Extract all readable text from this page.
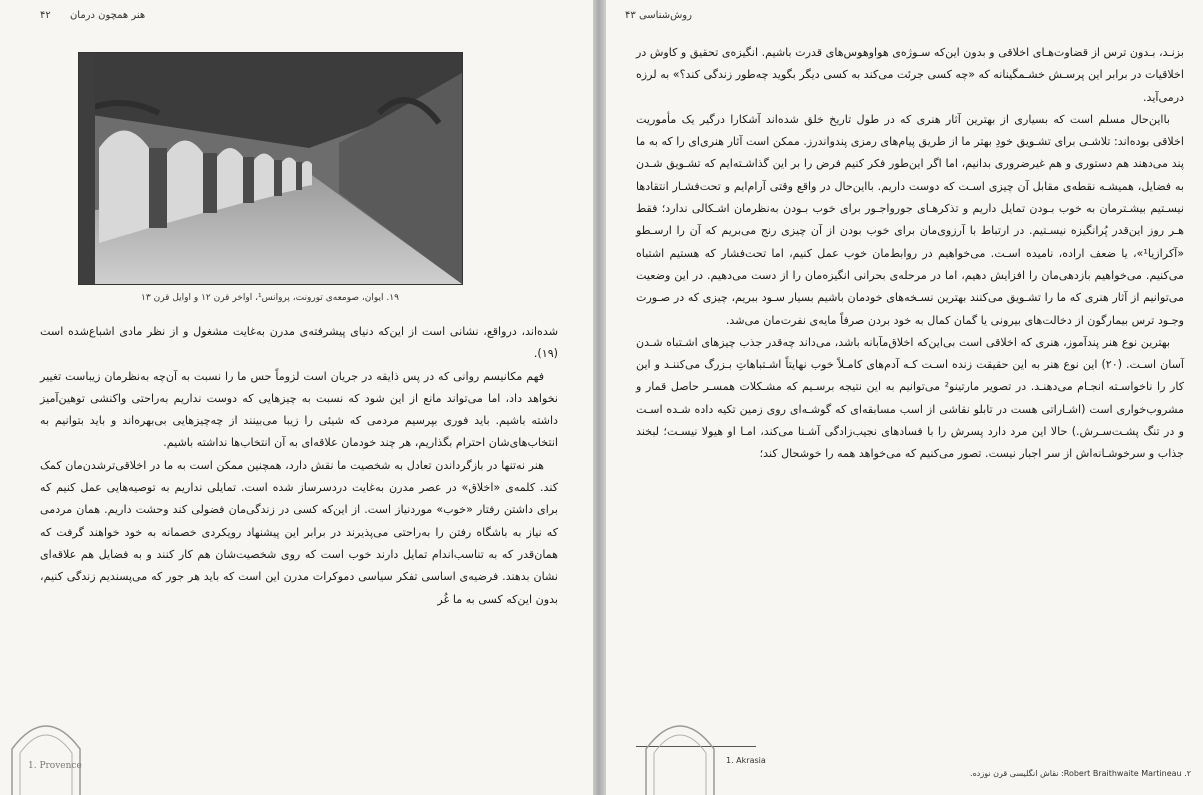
۴۲ هنر همچون درمان
۱۹. ایوان، صومعه‌ی تورونت، پروانس¹، اواخر قرن ۱۲ و اوایل قرن ۱۳

شده‌اند، درواقع، نشانی است از این‌که دنیای پیشرفته‌ی مدرن به‌غایت مشغول و از نظر مادی اشباع‌شده است (۱۹).

فهم مکانیسم روانی که در پس ذایقه در جریان است لزوماً حس ما را نسبت به آن‌چه به‌نظرمان زیباست تغییر نخواهد داد، اما می‌تواند مانع از این شود که نسبت به چیزهایی که دوست نداریم به‌راحتی واکنشی توهین‌آمیز داشته باشیم. باید فوری بپرسیم مردمی که شیئی را زیبا می‌بینند از چه‌چیزهایی بی‌بهره‌اند و باید بتوانیم به انتخاب‌های‌شان احترام بگذاریم، هر چند خودمان علاقه‌ای به آن انتخاب‌ها نداشته باشیم.

هنر نه‌تنها در بازگرداندن تعادل به شخصیت ما نقش دارد، همچنین ممکن است به ما در اخلاقی‌ترشدن‌مان کمک کند. کلمه‌ی «اخلاق» در عصر مدرن به‌غایت دردسرساز شده است. تمایلی نداریم به توصیه‌هایی عمل کنیم که برای داشتن رفتار «خوب» موردنیاز است. از این‌که کسی در زندگی‌مان فضولی کند وحشت داریم. همان مردمی که نیاز به باشگاه رفتن را به‌راحتی می‌پذیرند در برابر این پیشنهاد رویکردی خصمانه به خود خواهند گرفت که همان‌قدر که به تناسب‌اندام تمایل دارند خوب است که روی شخصیت‌شان هم کار کنند و به فضایل هم علاقه‌ای نشان بدهند. فرضیه‌ی اساسی تفکر سیاسی دموکرات مدرن این است که باید هر جور که می‌پسندیم زندگی کنیم، بدون این‌که کسی به ما غُر

1. Provence
روش‌شناسی ۴۳

بزنـد، بـدون ترس از قضاوت‌هـای اخلاقی و بدون این‌که سـوژه‌ی هوا‌وهوس‌های قدرت باشیم. انگیزه‌ی تحقیق و کاوش در اخلاقیات در برابر این پرسـش خشـمگینانه که «چه کسی جرئت می‌کند به کسی دیگر بگوید چه‌طور زندگی کند؟» به لرزه درمی‌آید.

بااین‌حال مسلم است که بسیاری از بهترین آثار هنری که در طول تاریخ خلق شده‌اند آشکارا درگیر یک مأموریت اخلاقی بوده‌اند: تلاشـی برای تشـویق خودِ بهتر ما از طریق پیام‌های رمزی پندواندرز. ممکن است آثار هنری‌ای را که به ما پند می‌دهند هم دستوری و هم غیرضروری بدانیم، اما اگر این‌طور فکر کنیم فرض را بر این گذاشـته‌ایم که تشـویق شـدن به فضایل، همیشـه نقطه‌ی مقابل آن چیزی اسـت که دوست داریم. بااین‌حال در واقع وقتی آرام‌ایم و تحت‌فشـار انتقادها نیسـتیم بیشـتر‌مان به خوب بـودن تمایل داریم و تذکرهـای جورواجـور برای خوب بـودن به‌نظرمان اشـکالی ندارد؛ فقط هـر روز این‌قدر پُرانگیزه نیسـتیم. در ارتباط با آرزوی‌مان برای خوب بودن از آن چیزی رنج می‌بریم که آن را ارسـطو «آکرازیا¹»، یا ضعف اراده، نامیده اسـت. می‌خواهیم در روابط‌مان خوب عمل کنیم، اما تحت‌فشار که هستیم اشتباه می‌کنیم. می‌خواهیم بازدهی‌مان را افزایش دهیم، اما در مرحله‌ی بحرانی انگیزه‌مان را از دست می‌دهیم. در این وضعیت می‌توانیم از آثار هنری که ما را تشـویق می‌کنند بهترین نسـخه‌های خودمان باشیم بسیار سـود ببریم، چیزی که در صـورت وجـود ترس بیمارگون از دخالت‌های بیرونی یا گمان کمال به خود بردن صرفاً مایه‌ی نفرت‌مان می‌شد.

بهترین نوع هنر پندآموز، هنری که اخلاقی است بی‌این‌که اخلاق‌مآبانه باشد، می‌داند چه‌قدر جذب چیزهای اشـتباه شـدن آسان اسـت. (۲۰) این نوع هنر به این حقیقت زنده اسـت کـه آدم‌های کامـلاً خوب نهایتاً اشـتباهاتِ بـزرگ می‌کننـد و این کار را ناخواسـته انجـام می‌دهنـد. در تصویر مارتینو² می‌توانیم به این نتیجه برسـیم که مشـکلات همسـر حاصل قمار و مشروب‌خواری است (اشـاراتی هست در تابلو نقاشی از اسب مسابقه‌ای که گوشـه‌ای روی زمین تکیه داده شـده اسـت و در تنگ پشـت‌سـرش.) حالا این مرد دارد پسرش را با فسادهای نجیب‌زادگی آشـنا می‌کند، امـا او هیولا نیسـت؛ لبخند جذاب و سرخوشـانه‌اش از سر اجبار نیست. تصور می‌کنیم که می‌خواهد همه را خوشحال کند؛

1. Akrasia
۲. Robert Braithwaite Martineau: نقاش انگلیسی قرن نوزده.
